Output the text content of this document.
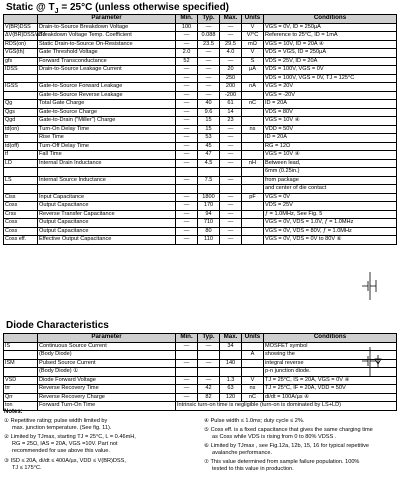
Static @ $T_J = 25^\circ C$ (unless otherwise specified)
	Parameter	Min.	Typ.	Max.	Units	Conditions
V(BR)DSS	Drain-to-Source Breakdown Voltage	100	—	—	V	VGS = 0V, ID = 250µA
ΔV(BR)DSS/ΔTJ	Breakdown Voltage Temp. Coefficient	—	0.088	—	V/°C	Reference to 25°C, ID = 1mA
RDS(on)	Static Drain-to-Source On-Resistance	—	23.5	29.5	mΩ	VGS = 10V, ID = 20A ④
VGS(th)	Gate Threshold Voltage	2.0	—	4.0	V	VDS = VGS, ID = 250µA
gfs	Forward Transconductance	52	—	—	S	VDS = 25V, ID = 20A
IDSS	Drain-to-Source Leakage Current	—	—	20	µA	VDS = 100V, VGS = 0V
		—	—	250		VDS = 100V, VGS = 0V, TJ = 125°C
IGSS	Gate-to-Source Forward Leakage	—	—	200	nA	VGS = 20V
	Gate-to-Source Reverse Leakage	—	—	-200		VGS = -20V
Qg	Total Gate Charge	—	40	61	nC	ID = 20A
Qgs	Gate-to-Source Charge	—	9.6	14		VDS = 80V
Qgd	Gate-to-Drain ("Miller") Charge	—	15	23		VGS = 10V ④
td(on)	Turn-On Delay Time	—	15	—	ns	VDD = 50V
tr	Rise Time	—	53	—		ID = 20A
td(off)	Turn-Off Delay Time	—	45	—		RG = 12Ω
tf	Fall Time	—	47	—		VGS = 10V ④
LD	Internal Drain Inductance	—	4.5	—	nH	Between lead,
						6mm (0.25in.)
LS	Internal Source Inductance	—	7.5	—		from package
						and center of die contact
Ciss	Input Capacitance	—	1800	—	pF	VGS = 0V
Coss	Output Capacitance	—	170	—		VDS = 25V
Crss	Reverse Transfer Capacitance	—	94	—		ƒ = 1.0MHz, See Fig. 5
Coss	Output Capacitance	—	710	—		VGS = 0V, VDS = 1.0V, ƒ = 1.0MHz
Coss	Output Capacitance	—	80	—		VGS = 0V, VDS = 80V, ƒ = 1.0MHz
Coss eff.	Effective Output Capacitance	—	110	—		VGS = 0V, VDS = 0V to 80V ⑥
Diode Characteristics
	Parameter	Min.	Typ.	Max.	Units	Conditions
IS	Continuous Source Current	—	—	34		MOSFET symbol
	(Body Diode)				A	showing the
ISM	Pulsed Source Current	—	—	140		integral reverse
	(Body Diode) ①					p-n junction diode.
VSD	Diode Forward Voltage	—	—	1.3	V	TJ = 25°C, IS = 20A, VGS = 0V ④
trr	Reverse Recovery Time	—	42	63	ns	TJ = 25°C, IF = 20A, VDD = 50V
Qrr	Reverse Recovery Charge	—	82	120	nC	di/dt = 100A/µs ④
ton	Forward Turn-On Time	Intrinsic turn-on time is negligible (turn-on is dominated by LS+LD)				
Notes:
① Repetitive rating; pulse width limited by
max. junction temperature. (See fig. 11).
② Limited by TJmax, starting TJ = 25°C, L = 0.46mH,
RG = 25Ω, IAS = 20A, VGS =10V. Part not
recommended for use above this value.
③ ISD ≤ 20A, di/dt ≤ 400A/µs, VDD ≤ V(BR)DSS,
TJ ≤ 175°C.
④ Pulse width ≤ 1.0ms; duty cycle ≤ 2%.
⑤ Coss eff. is a fixed capacitance that gives the same charging time
as Coss while VDS is rising from 0 to 80% VDSS .
⑥ Limited by TJmax , see Fig.12a, 12b, 15, 16 for typical repetitive
avalanche performance.
⑦ This value determined from sample failure population. 100%
tested to this value in production.
